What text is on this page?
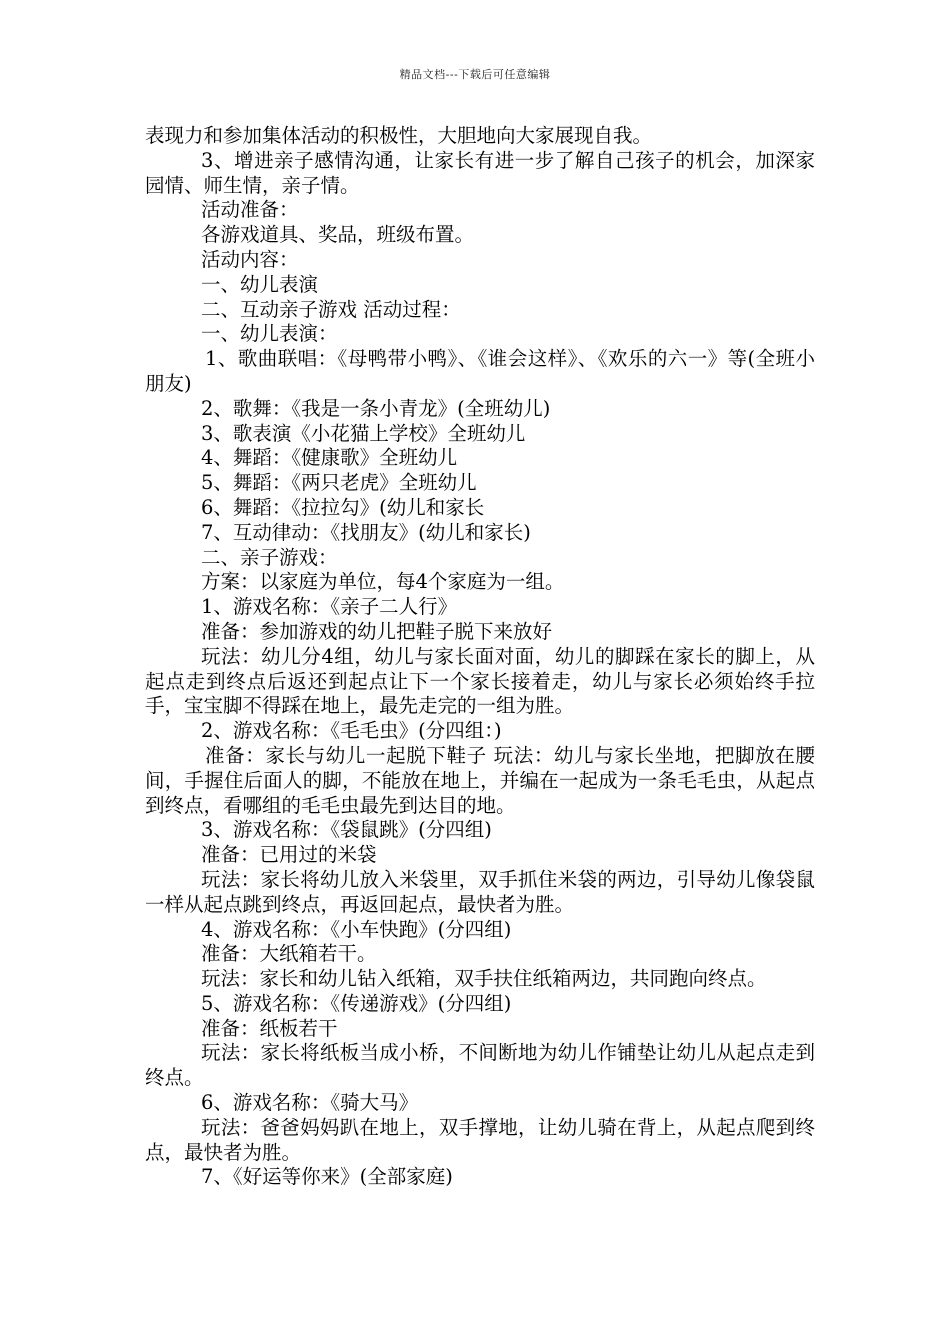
精品文档---下载后可任意编辑

表现力和参加集体活动的积极性，大胆地向大家展现自我。

3、增进亲子感情沟通，让家长有进一步了解自己孩子的机会，加深家园情、师生情，亲子情。

活动准备：

各游戏道具、奖品，班级布置。

活动内容：

一、幼儿表演

二、互动亲子游戏 活动过程：

一、幼儿表演：

1、歌曲联唱：《母鸭带小鸭》、《谁会这样》、《欢乐的六一》等(全班小朋友)

2、歌舞：《我是一条小青龙》(全班幼儿)

3、歌表演《小花猫上学校》全班幼儿

4、舞蹈：《健康歌》全班幼儿

5、舞蹈：《两只老虎》全班幼儿

6、舞蹈：《拉拉勾》(幼儿和家长

7、互动律动：《找朋友》(幼儿和家长)

二、亲子游戏：

方案：以家庭为单位，每4个家庭为一组。

1、游戏名称：《亲子二人行》

准备：参加游戏的幼儿把鞋子脱下来放好

玩法：幼儿分4组，幼儿与家长面对面，幼儿的脚踩在家长的脚上，从起点走到终点后返还到起点让下一个家长接着走，幼儿与家长必须始终手拉手，宝宝脚不得踩在地上，最先走完的一组为胜。

2、游戏名称：《毛毛虫》(分四组：)

准备：家长与幼儿一起脱下鞋子 玩法：幼儿与家长坐地，把脚放在腰间，手握住后面人的脚，不能放在地上，并编在一起成为一条毛毛虫，从起点到终点，看哪组的毛毛虫最先到达目的地。

3、游戏名称：《袋鼠跳》(分四组)

准备：已用过的米袋

玩法：家长将幼儿放入米袋里，双手抓住米袋的两边，引导幼儿像袋鼠一样从起点跳到终点，再返回起点，最快者为胜。

4、游戏名称：《小车快跑》(分四组)

准备：大纸箱若干。

玩法：家长和幼儿钻入纸箱，双手扶住纸箱两边，共同跑向终点。

5、游戏名称：《传递游戏》(分四组)

准备：纸板若干

玩法：家长将纸板当成小桥，不间断地为幼儿作铺垫让幼儿从起点走到终点。

6、游戏名称：《骑大马》

玩法：爸爸妈妈趴在地上，双手撑地，让幼儿骑在背上，从起点爬到终点，最快者为胜。

7、《好运等你来》(全部家庭)
